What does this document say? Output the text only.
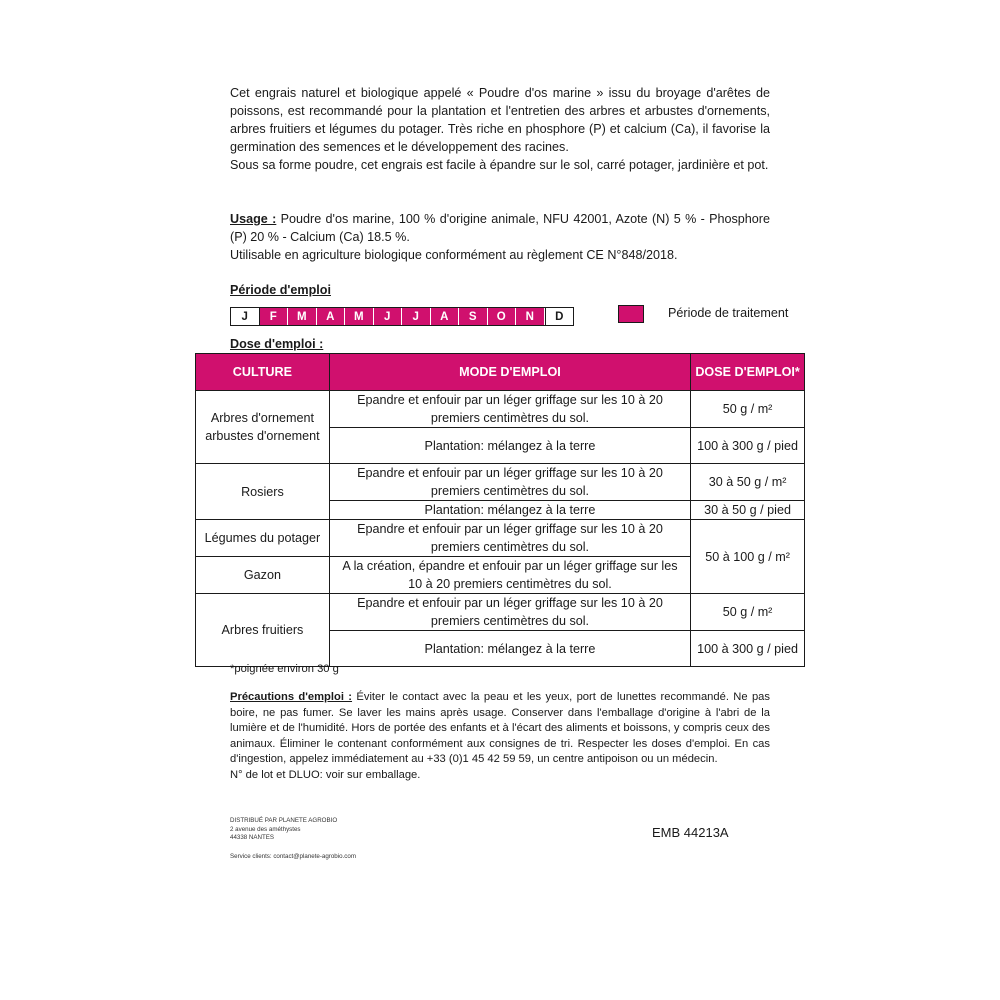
Cet engrais naturel et biologique appelé « Poudre d'os marine » issu du broyage d'arêtes de poissons, est recommandé pour la plantation et l'entretien des arbres et arbustes d'ornements, arbres fruitiers et légumes du potager. Très riche en phosphore (P) et calcium (Ca), il favorise la germination des semences et le développement des racines.

Sous sa forme poudre, cet engrais est facile à épandre sur le sol, carré potager, jardinière et pot.

Usage : Poudre d'os marine, 100 % d'origine animale, NFU 42001, Azote (N) 5 % - Phosphore (P) 20 % - Calcium (Ca) 18.5 %.

Utilisable en agriculture biologique conformément au règlement CE N°848/2018.

Période d'emploi
J	F	M	A	M	J	J	A	S	O	N	D	Période de traitement
Dose d'emploi :
CULTURE	MODE D'EMPLOI	DOSE D'EMPLOI*
Arbres d'ornement arbustes d'ornement	Epandre et enfouir par un léger griffage sur les 10 à 20 premiers centimètres du sol.	50 g / m²
	Plantation: mélangez à la terre	100 à 300 g / pied
Rosiers	Epandre et enfouir par un léger griffage sur les 10 à 20 premiers centimètres du sol.	30 à 50 g / m²
	Plantation: mélangez à la terre	30 à 50 g / pied
Légumes du potager	Epandre et enfouir par un léger griffage sur les 10 à 20 premiers centimètres du sol.	50 à 100 g / m²
Gazon	A la création, épandre et enfouir par un léger griffage sur les 10 à 20 premiers centimètres du sol.	
Arbres fruitiers	Epandre et enfouir par un léger griffage sur les 10 à 20 premiers centimètres du sol.	50 g / m²
	Plantation: mélangez à la terre	100 à 300 g / pied
*poignée environ 30 g

Précautions d'emploi : Éviter le contact avec la peau et les yeux, port de lunettes recommandé. Ne pas boire, ne pas fumer. Se laver les mains après usage. Conserver dans l'emballage d'origine à l'abri de la lumière et de l'humidité. Hors de portée des enfants et à l'écart des aliments et boissons, y compris ceux des animaux. Éliminer le contenant conformément aux consignes de tri. Respecter les doses d'emploi. En cas d'ingestion, appelez immédiatement au +33 (0)1 45 42 59 59, un centre antipoison ou un médecin.

N° de lot et DLUO: voir sur emballage.

DISTRIBUÉ PAR PLANETE AGROBIO
2 avenue des améthystes
44338 NANTES
Service clients: contact@planete-agrobio.com
EMB 44213A
